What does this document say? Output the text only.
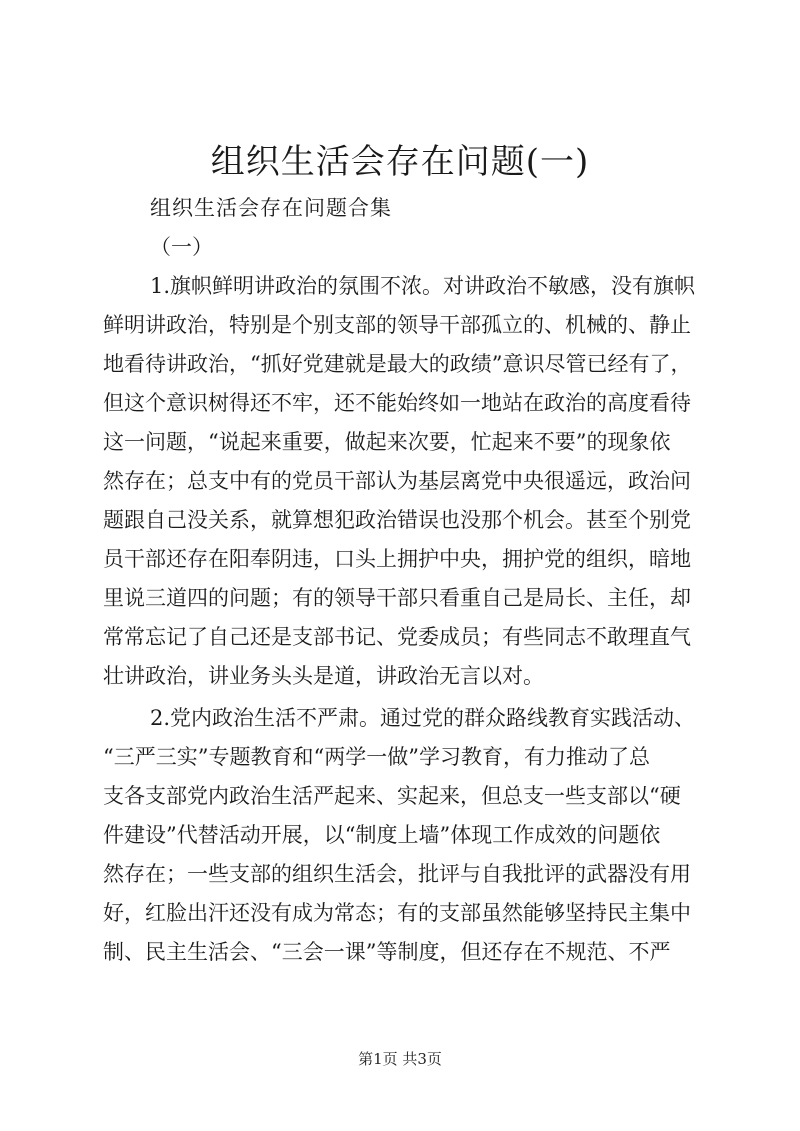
组织生活会存在问题(一)

组织生活会存在问题合集

（一）

1.旗帜鲜明讲政治的氛围不浓。对讲政治不敏感，没有旗帜
鲜明讲政治，特别是个别支部的领导干部孤立的、机械的、静止
地看待讲政治，“抓好党建就是最大的政绩”意识尽管已经有了，
但这个意识树得还不牢，还不能始终如一地站在政治的高度看待
这一问题，“说起来重要，做起来次要，忙起来不要”的现象依
然存在；总支中有的党员干部认为基层离党中央很遥远，政治问
题跟自己没关系，就算想犯政治错误也没那个机会。甚至个别党
员干部还存在阳奉阴违，口头上拥护中央，拥护党的组织，暗地
里说三道四的问题；有的领导干部只看重自己是局长、主任，却
常常忘记了自己还是支部书记、党委成员；有些同志不敢理直气
壮讲政治，讲业务头头是道，讲政治无言以对。
2.党内政治生活不严肃。通过党的群众路线教育实践活动、
“三严三实”专题教育和“两学一做”学习教育，有力推动了总
支各支部党内政治生活严起来、实起来，但总支一些支部以“硬
件建设”代替活动开展，以“制度上墙”体现工作成效的问题依
然存在；一些支部的组织生活会，批评与自我批评的武器没有用
好，红脸出汗还没有成为常态；有的支部虽然能够坚持民主集中
制、民主生活会、“三会一课”等制度，但还存在不规范、不严
第1页 共3页
